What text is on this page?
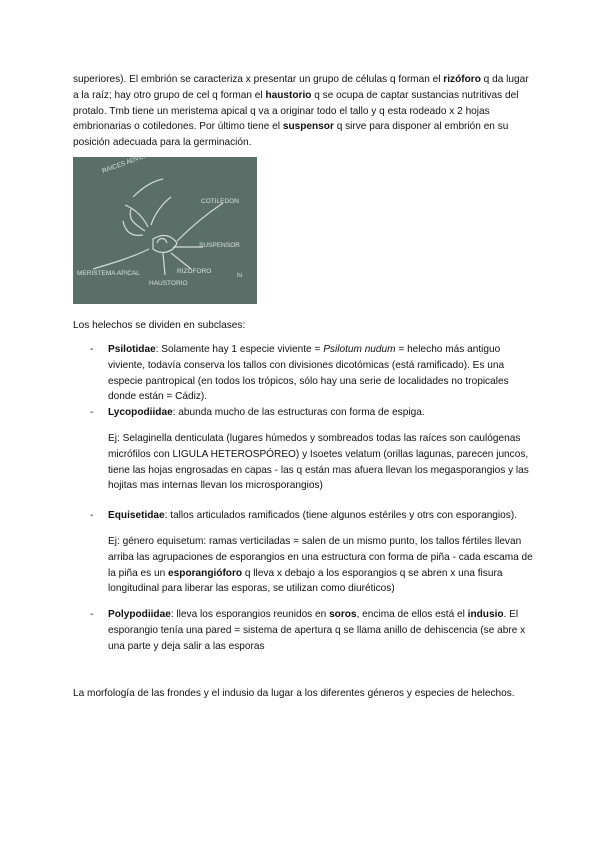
superiores). El embrión se caracteriza x presentar un grupo de células q forman el rizóforo q da lugar a la raíz; hay otro grupo de cel q forman el haustorio q se ocupa de captar sustancias nutritivas del protalo. Tmb tiene un meristema apical q va a originar todo el tallo y q esta rodeado x 2 hojas embrionarias o cotiledones. Por último tiene el suspensor q sirve para disponer al embrión en su posición adecuada para la germinación.

COTILEDON
MERISTEMA APICAL
HAUSTORIO
SUSPENSOR
RIZOFORO
hi

Los helechos se dividen en subclases:

- Psilotidae: Solamente hay 1 especie viviente = Psilotum nudum = helecho más antiguo viviente, todavía conserva los tallos con divisiones dicotómicas (está ramificado). Es una especie pantropical (en todos los trópicos, sólo hay una serie de localidades no tropicales donde están = Cádiz).
- Lycopodiidae: abunda mucho de las estructuras con forma de espiga.
Ej: Selaginella denticulata (lugares húmedos y sombreados todas las raíces son caulógenas micrófilos con LIGULA HETEROSPÓREO) y Isoetes velatum (orillas lagunas, parecen juncos, tiene las hojas engrosadas en capas - las q están mas afuera llevan los megasporangios y las hojitas mas internas llevan los microsporangios)
- Equisetidae: tallos articulados ramificados (tiene algunos estériles y otrs con esporangios).
Ej: género equisetum: ramas verticiladas = salen de un mismo punto, los tallos fértiles llevan arriba las agrupaciones de esporangios en una estructura con forma de piña - cada escama de la piña es un esporangióforo q lleva x debajo a los esporangios q se abren x una fisura longitudinal para liberar las esporas, se utilizan como diuréticos)
- Polypodiidae: lleva los esporangios reunidos en soros, encima de ellos está el indusio. El esporangio tenía una pared = sistema de apertura q se llama anillo de dehiscencia (se abre x una parte y deja salir a las esporas

La morfología de las frondes y el indusio da lugar a los diferentes géneros y especies de helechos.
